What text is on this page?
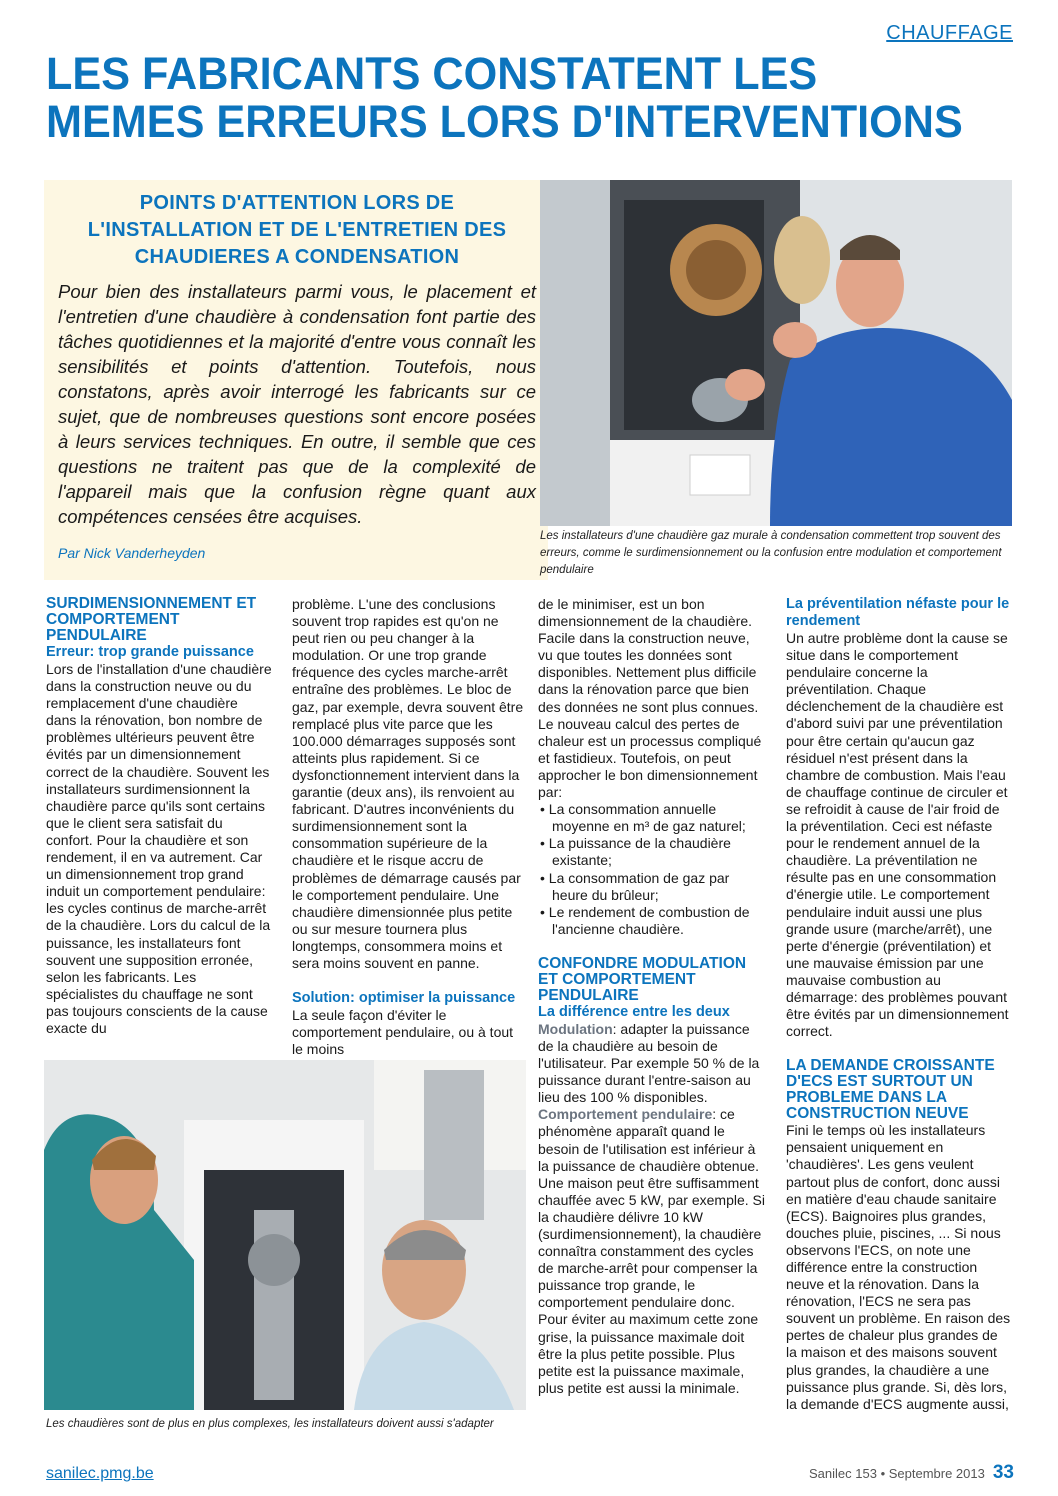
CHAUFFAGE
LES FABRICANTS CONSTATENT LES MEMES ERREURS LORS D'INTERVENTIONS
POINTS D'ATTENTION LORS DE L'INSTALLATION ET DE L'ENTRETIEN DES CHAUDIERES A CONDENSATION

Pour bien des installateurs parmi vous, le placement et l'entretien d'une chaudière à condensation font partie des tâches quotidiennes et la majorité d'entre vous connaît les sensibilités et points d'attention. Toutefois, nous constatons, après avoir interrogé les fabricants sur ce sujet, que de nombreuses questions sont encore posées à leurs services techniques. En outre, il semble que ces questions ne traitent pas que de la complexité de l'appareil mais que la confusion règne quant aux compétences censées être acquises.

Par Nick Vanderheyden

Les installateurs d'une chaudière gaz murale à condensation commettent trop souvent des erreurs, comme le surdimensionnement ou la confusion entre modulation et comportement pendulaire

SURDIMENSIONNEMENT ET COMPORTEMENT PENDULAIRE

Erreur: trop grande puissance

Lors de l'installation d'une chaudière dans la construction neuve ou du remplacement d'une chaudière dans la rénovation, bon nombre de problèmes ultérieurs peuvent être évités par un dimensionnement correct de la chaudière. Souvent les installateurs surdimensionnent la chaudière parce qu'ils sont certains que le client sera satisfait du confort. Pour la chaudière et son rendement, il en va autrement. Car un dimensionnement trop grand induit un comportement pendulaire: les cycles continus de marche-arrêt de la chaudière. Lors du calcul de la puissance, les installateurs font souvent une supposition erronée, selon les fabricants. Les spécialistes du chauffage ne sont pas toujours conscients de la cause exacte du

problème. L'une des conclusions souvent trop rapides est qu'on ne peut rien ou peu changer à la modulation. Or une trop grande fréquence des cycles marche-arrêt entraîne des problèmes. Le bloc de gaz, par exemple, devra souvent être remplacé plus vite parce que les 100.000 démarrages supposés sont atteints plus rapidement. Si ce dysfonctionnement intervient dans la garantie (deux ans), ils renvoient au fabricant. D'autres inconvénients du surdimensionnement sont la consommation supérieure de la chaudière et le risque accru de problèmes de démarrage causés par le comportement pendulaire. Une chaudière dimensionnée plus petite ou sur mesure tournera plus longtemps, consommera moins et sera moins souvent en panne.

Solution: optimiser la puissance

La seule façon d'éviter le comportement pendulaire, ou à tout le moins

de le minimiser, est un bon dimensionnement de la chaudière. Facile dans la construction neuve, vu que toutes les données sont disponibles. Nettement plus difficile dans la rénovation parce que bien des données ne sont plus connues. Le nouveau calcul des pertes de chaleur est un processus compliqué et fastidieux. Toutefois, on peut approcher le bon dimensionnement par:

• La consommation annuelle moyenne en m³ de gaz naturel;

• La puissance de la chaudière existante;

• La consommation de gaz par heure du brûleur;

• Le rendement de combustion de l'ancienne chaudière.

CONFONDRE MODULATION ET COMPORTEMENT PENDULAIRE

La différence entre les deux

Modulation: adapter la puissance de la chaudière au besoin de l'utilisateur. Par exemple 50 % de la puissance durant l'entre-saison au lieu des 100 % disponibles.

Comportement pendulaire: ce phénomène apparaît quand le besoin de l'utilisation est inférieur à la puissance de chaudière obtenue. Une maison peut être suffisamment chauffée avec 5 kW, par exemple. Si la chaudière délivre 10 kW (surdimensionnement), la chaudière connaîtra constamment des cycles de marche-arrêt pour compenser la puissance trop grande, le comportement pendulaire donc. Pour éviter au maximum cette zone grise, la puissance maximale doit être la plus petite possible. Plus petite est la puissance maximale, plus petite est aussi la minimale.

La préventilation néfaste pour le rendement

Un autre problème dont la cause se situe dans le comportement pendulaire concerne la préventilation. Chaque déclenchement de la chaudière est d'abord suivi par une préventilation pour être certain qu'aucun gaz résiduel n'est présent dans la chambre de combustion. Mais l'eau de chauffage continue de circuler et se refroidit à cause de l'air froid de la préventilation. Ceci est néfaste pour le rendement annuel de la chaudière. La préventilation ne résulte pas en une consommation d'énergie utile. Le comportement pendulaire induit aussi une plus grande usure (marche/arrêt), une perte d'énergie (préventilation) et une mauvaise émission par une mauvaise combustion au démarrage: des problèmes pouvant être évités par un dimensionnement correct.

LA DEMANDE CROISSANTE D'ECS EST SURTOUT UN PROBLEME DANS LA CONSTRUCTION NEUVE

Fini le temps où les installateurs pensaient uniquement en 'chaudières'. Les gens veulent partout plus de confort, donc aussi en matière d'eau chaude sanitaire (ECS). Baignoires plus grandes, douches pluie, piscines, ... Si nous observons l'ECS, on note une différence entre la construction neuve et la rénovation. Dans la rénovation, l'ECS ne sera pas souvent un problème. En raison des pertes de chaleur plus grandes de la maison et des maisons souvent plus grandes, la chaudière a une puissance plus grande. Si, dès lors, la demande d'ECS augmente aussi,

Les chaudières sont de plus en plus complexes, les installateurs doivent aussi s'adapter
sanilec.pmg.be	Sanilec 153 • Septembre 2013 33
